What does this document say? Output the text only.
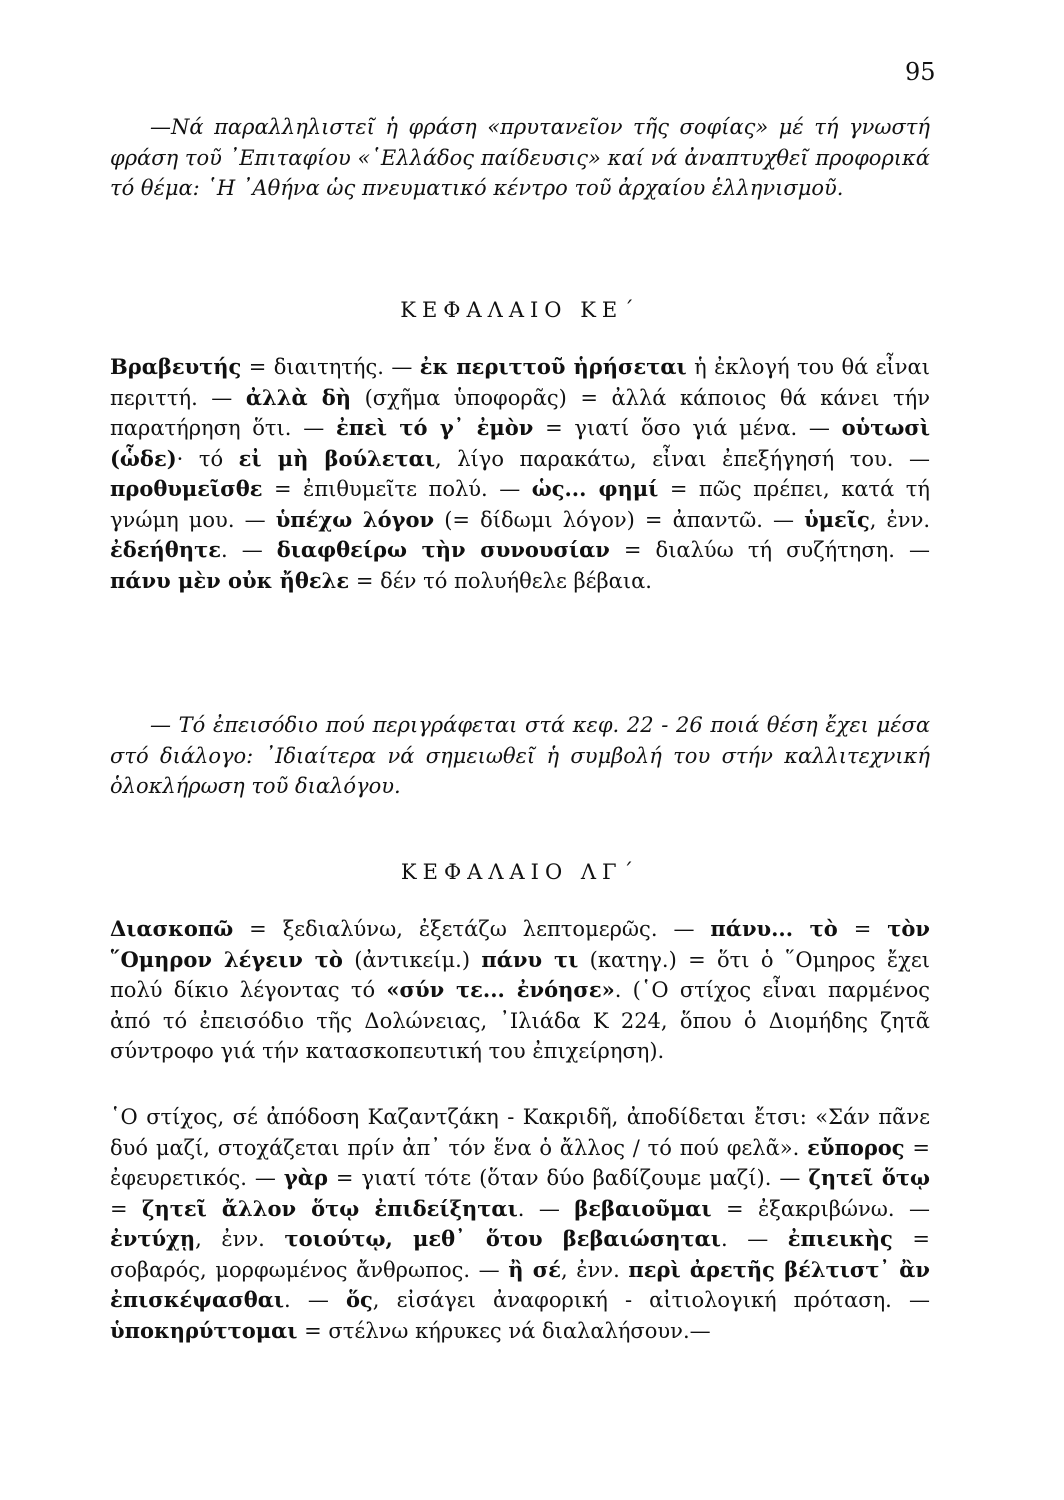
95

—Νά παραλληλιστεῖ ἡ φράση «πρυτανεῖον τῆς σοφίας» μέ τή γνωστή φράση τοῦ ᾽Επιταφίου «῾Ελλάδος παίδευσις» καί νά ἀναπτυχθεῖ προφορικά τό θέμα: ῾Η ᾽Αθήνα ὡς πνευματικό κέντρο τοῦ ἀρχαίου ἑλληνισμοῦ.

ΚΕΦΑΛΑΙΟ ΚΕ΄

Βραβευτής = διαιτητής. — ἐκ περιττοῦ ἡρήσεται ἡ ἐκλογή του θά εἶναι περιττή. — ἀλλὰ δὴ (σχῆμα ὑποφορᾶς) = ἀλλά κάποιος θά κάνει τήν παρατήρηση ὅτι. — ἐπεὶ τό γ᾽ ἐμὸν = γιατί ὅσο γιά μένα. — οὑτωσὶ (ὧδε)· τό εἰ μὴ βούλεται, λίγο παρακάτω, εἶναι ἐπεξήγησή του. — προθυμεῖσθε = ἐπιθυμεῖτε πολύ. — ὡς... φημί = πῶς πρέπει, κατά τή γνώμη μου. — ὑπέχω λόγον (= δίδωμι λόγον) = ἀπαντῶ. — ὑμεῖς, ἐνν. ἐδεήθητε. — διαφθείρω τὴν συνουσίαν = διαλύω τή συζήτηση. — πάνυ μὲν οὐκ ἤθελε = δέν τό πολυήθελε βέβαια.

— Τό ἐπεισόδιο πού περιγράφεται στά κεφ. 22 - 26 ποιά θέση ἔχει μέσα στό διάλογο: ᾽Ιδιαίτερα νά σημειωθεῖ ἡ συμβολή του στήν καλλιτεχνική ὁλοκλήρωση τοῦ διαλόγου.

ΚΕΦΑΛΑΙΟ ΛΓ΄

Διασκοπῶ = ξεδιαλύνω, ἐξετάζω λεπτομερῶς. — πάνυ... τὸ = τὸν ῞Ομηρον λέγειν τὸ (ἀντικείμ.) πάνυ τι (κατηγ.) = ὅτι ὁ ῞Ομηρος ἔχει πολύ δίκιο λέγοντας τό «σύν τε... ἐνόησε». (῾Ο στίχος εἶναι παρμένος ἀπό τό ἐπεισόδιο τῆς Δολώνειας, ᾽Ιλιάδα Κ 224, ὅπου ὁ Διομήδης ζητᾶ σύντροφο γιά τήν κατασκοπευτική του ἐπιχείρηση).

῾Ο στίχος, σέ ἀπόδοση Καζαντζάκη - Κακριδῆ, ἀποδίδεται ἔτσι: «Σάν πᾶνε δυό μαζί, στοχάζεται πρίν ἀπ᾽ τόν ἕνα ὁ ἄλλος / τό πού φελᾶ». εὔπορος = ἐφευρετικός. — γὰρ = γιατί τότε (ὅταν δύο βαδίζουμε μαζί). — ζητεῖ ὅτῳ = ζητεῖ ἄλλον ὅτῳ ἐπιδείξηται. — βεβαιοῦμαι = ἐξακριβώνω. — ἐντύχῃ, ἐνν. τοιούτῳ, μεθ᾽ ὅτου βεβαιώσηται. — ἐπιεικὴς = σοβαρός, μορφωμένος ἄνθρωπος. — ἢ σέ, ἐνν. περὶ ἀρετῆς βέλτιστ᾽ ἂν ἐπισκέψασθαι. — ὅς, εἰσάγει ἀναφορική - αἰτιολογική πρόταση. — ὑποκηρύττομαι = στέλνω κήρυκες νά διαλαλήσουν.—
